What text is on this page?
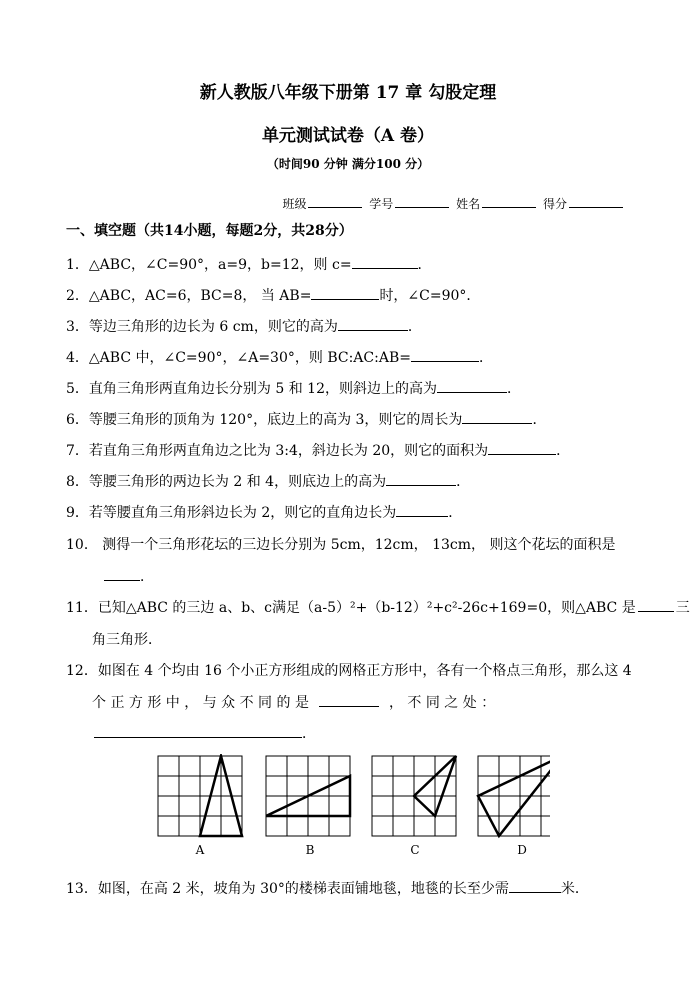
新人教版八年级下册第 17 章 勾股定理
单元测试试卷（A 卷）
（时间90 分钟 满分100 分）
班级	学号	姓名	得分
一、填空题（共14小题，每题2分，共28分）
1．△ABC，∠C=90°，a=9，b=12，则 c=	．
2．△ABC，AC=6，BC=8， 当 AB=	时，∠C=90°．
3．等边三角形的边长为 6 cm，则它的高为	．
4．△ABC 中，∠C=90°，∠A=30°，则 BC:AC:AB=	．
5．直角三角形两直角边长分别为 5 和 12，则斜边上的高为	．
6．等腰三角形的顶角为 120°，底边上的高为 3，则它的周长为	．
7．若直角三角形两直角边之比为 3:4，斜边长为 20，则它的面积为	．
8．等腰三角形的两边长为 2 和 4，则底边上的高为	．
9．若等腰直角三角形斜边长为 2，则它的直角边长为	．
10． 测得一个三角形花坛的三边长分别为 5cm，12cm， 13cm， 则这个花坛的面积是
．
11．已知△ABC 的三边 a、b、c满足（a-5）²+（b-12）²+c²-26c+169=0，则△ABC 是	三
角三角形．
12．如图在 4 个均由 16 个小正方形组成的网格正方形中，各有一个格点三角形，那么这 4
个 正 方 形 中 ， 与 众 不 同 的 是	， 不 同 之 处 ：
．
A	B	C	D
13．如图，在高 2 米，坡角为 30°的楼梯表面铺地毯，地毯的长至少需	米．
